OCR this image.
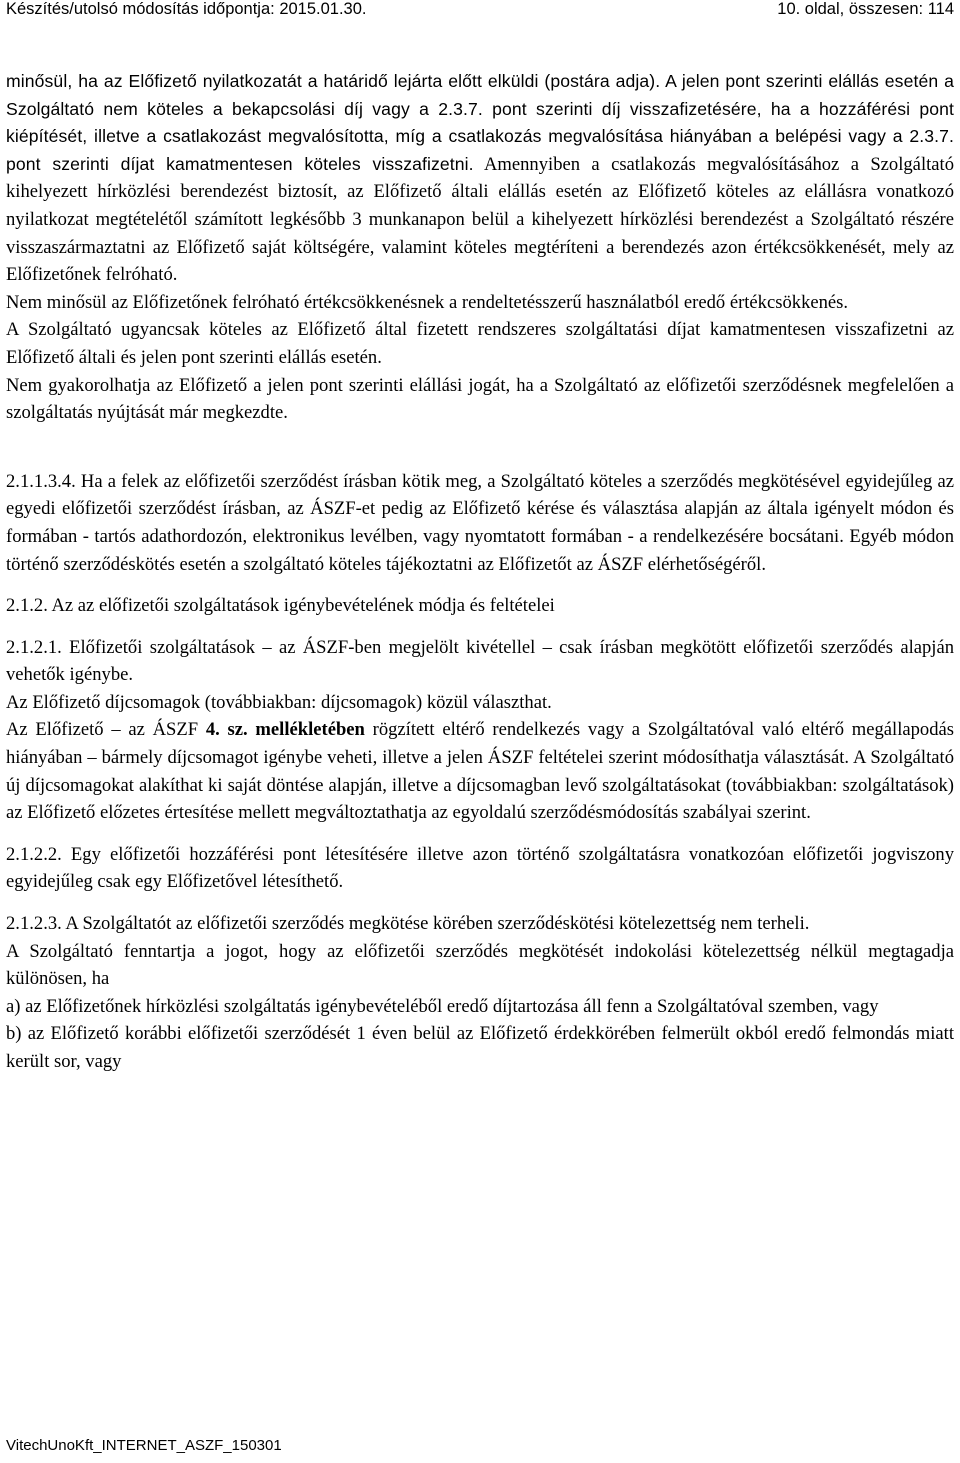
Készítés/utolsó módosítás időpontja: 2015.01.30.	10. oldal, összesen: 114

minősül, ha az Előfizető nyilatkozatát a határidő lejárta előtt elküldi (postára adja). A jelen pont szerinti elállás esetén a Szolgáltató nem köteles a bekapcsolási díj vagy a 2.3.7. pont szerinti díj visszafizetésére, ha a hozzáférési pont kiépítését, illetve a csatlakozást megvalósította, míg a csatlakozás megvalósítása hiányában a belépési vagy a 2.3.7. pont szerinti díjat kamatmentesen köteles visszafizetni. Amennyiben a csatlakozás megvalósításához a Szolgáltató kihelyezett hírközlési berendezést biztosít, az Előfizető általi elállás esetén az Előfizető köteles az elállásra vonatkozó nyilatkozat megtételétől számított legkésőbb 3 munkanapon belül a kihelyezett hírközlési berendezést a Szolgáltató részére visszaszármaztatni az Előfizető saját költségére, valamint köteles megtéríteni a berendezés azon értékcsökkenését, mely az Előfizetőnek felróható.

Nem minősül az Előfizetőnek felróható értékcsökkenésnek a rendeltetésszerű használatból eredő értékcsökkenés.

A Szolgáltató ugyancsak köteles az Előfizető által fizetett rendszeres szolgáltatási díjat kamatmentesen visszafizetni az Előfizető általi és jelen pont szerinti elállás esetén.

Nem gyakorolhatja az Előfizető a jelen pont szerinti elállási jogát, ha a Szolgáltató az előfizetői szerződésnek megfelelően a szolgáltatás nyújtását már megkezdte.

2.1.1.3.4. Ha a felek az előfizetői szerződést írásban kötik meg, a Szolgáltató köteles a szerződés megkötésével egyidejűleg az egyedi előfizetői szerződést írásban, az ÁSZF-et pedig az Előfizető kérése és választása alapján az általa igényelt módon és formában - tartós adathordozón, elektronikus levélben, vagy nyomtatott formában - a rendelkezésére bocsátani. Egyéb módon történő szerződéskötés esetén a szolgáltató köteles tájékoztatni az Előfizetőt az ÁSZF elérhetőségéről.

2.1.2. Az az előfizetői szolgáltatások igénybevételének módja és feltételei

2.1.2.1. Előfizetői szolgáltatások – az ÁSZF-ben megjelölt kivétellel – csak írásban megkötött előfizetői szerződés alapján vehetők igénybe.

Az Előfizető díjcsomagok (továbbiakban: díjcsomagok) közül választhat.

Az Előfizető – az ÁSZF 4. sz. mellékletében rögzített eltérő rendelkezés vagy a Szolgáltatóval való eltérő megállapodás hiányában – bármely díjcsomagot igénybe veheti, illetve a jelen ÁSZF feltételei szerint módosíthatja választását. A Szolgáltató új díjcsomagokat alakíthat ki saját döntése alapján, illetve a díjcsomagban levő szolgáltatásokat (továbbiakban: szolgáltatások) az Előfizető előzetes értesítése mellett megváltoztathatja az egyoldalú szerződésmódosítás szabályai szerint.

2.1.2.2. Egy előfizetői hozzáférési pont létesítésére illetve azon történő szolgáltatásra vonatkozóan előfizetői jogviszony egyidejűleg csak egy Előfizetővel létesíthető.

2.1.2.3. A Szolgáltatót az előfizetői szerződés megkötése körében szerződéskötési kötelezettség nem terheli.

A Szolgáltató fenntartja a jogot, hogy az előfizetői szerződés megkötését indokolási kötelezettség nélkül megtagadja különösen, ha

a) az Előfizetőnek hírközlési szolgáltatás igénybevételéből eredő díjtartozása áll fenn a Szolgáltatóval szemben, vagy

b) az Előfizető korábbi előfizetői szerződését 1 éven belül az Előfizető érdekkörében felmerült okból eredő felmondás miatt került sor, vagy

VitechUnoKft_INTERNET_ASZF_150301
